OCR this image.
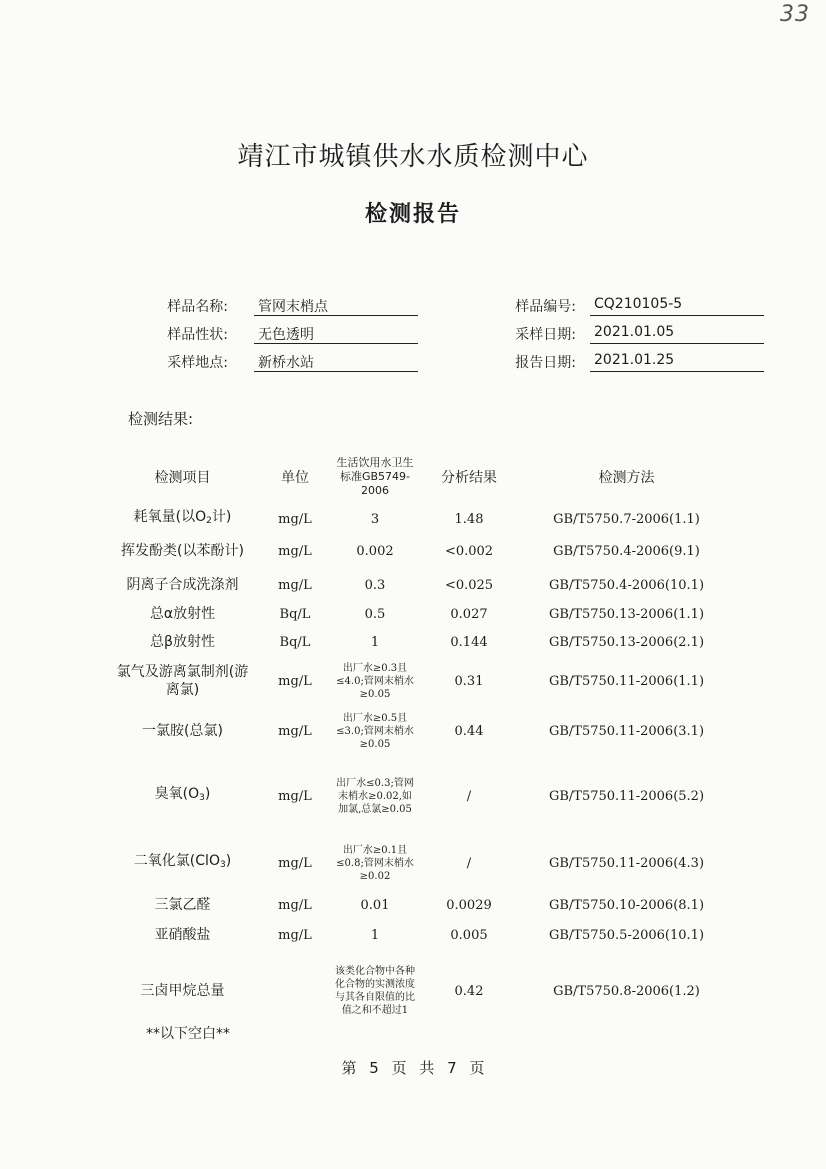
33
靖江市城镇供水水质检测中心
检测报告
样品名称: 管网末梢点	样品编号: CQ210105-5
样品性状: 无色透明	采样日期: 2021.01.05
采样地点: 新桥水站	报告日期: 2021.01.25
检测结果:
检测项目	单位	生活饮用水卫生标准GB5749-2006	分析结果	检测方法
耗氧量(以$O_2$计)	mg/L	3	1.48	GB/T5750.7-2006(1.1)
挥发酚类(以苯酚计)	mg/L	0.002	<0.002	GB/T5750.4-2006(9.1)
阴离子合成洗涤剂	mg/L	0.3	<0.025	GB/T5750.4-2006(10.1)
总α放射性	Bq/L	0.5	0.027	GB/T5750.13-2006(1.1)
总β放射性	Bq/L	1	0.144	GB/T5750.13-2006(2.1)
氯气及游离氯制剂(游离氯)	mg/L	出厂水≥0.3且≤4.0;管网末梢水≥0.05	0.31	GB/T5750.11-2006(1.1)
一氯胺(总氯)	mg/L	出厂水≥0.5且≤3.0;管网末梢水≥0.05	0.44	GB/T5750.11-2006(3.1)
臭氧$(O_3)$	mg/L	出厂水≤0.3;管网末梢水≥0.02,如加氯,总氯≥0.05	/	GB/T5750.11-2006(5.2)
二氧化氯(ClO$_3$)	mg/L	出厂水≥0.1且≤0.8;管网末梢水≥0.02	/	GB/T5750.11-2006(4.3)
三氯乙醛	mg/L	0.01	0.0029	GB/T5750.10-2006(8.1)
亚硝酸盐	mg/L	1	0.005	GB/T5750.5-2006(10.1)
三卤甲烷总量		该类化合物中各种化合物的实测浓度与其各自限值的比值之和不超过1	0.42	GB/T5750.8-2006(1.2)
**以下空白**
第 5 页 共 7 页
